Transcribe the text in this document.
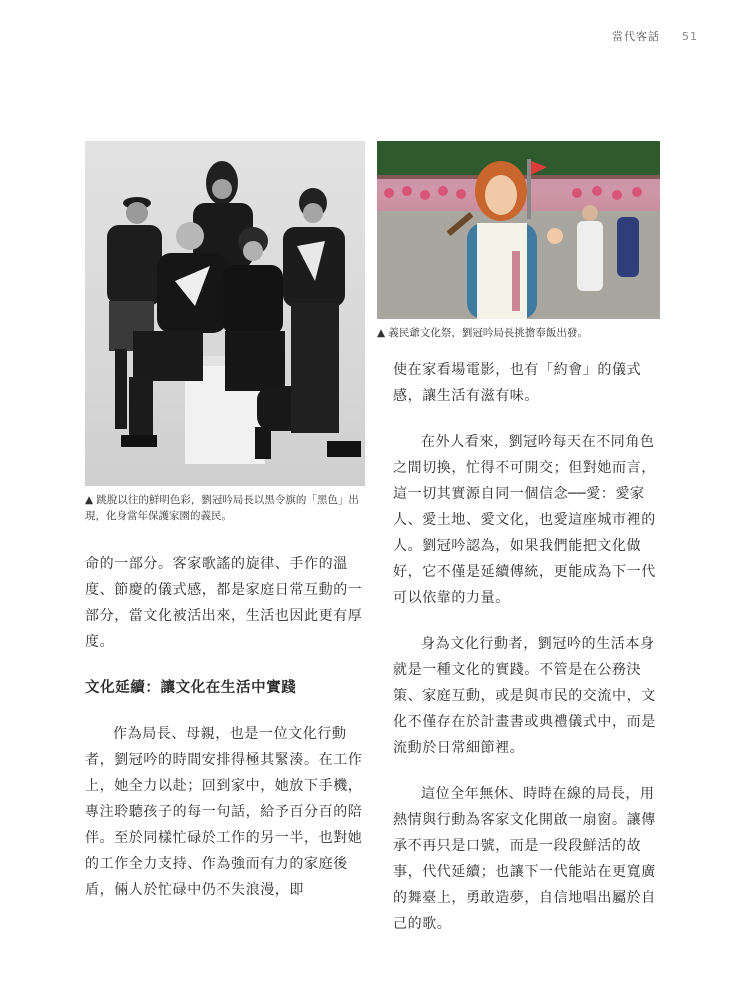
當代客話 51
▲ 義民爺文化祭，劉冠吟局長挑擔奉飯出發。
▲ 跳脫以往的鮮明色彩，劉冠吟局長以黑令旗的「黑色」出現，化身當年保護家園的義民。

命的一部分。客家歌謠的旋律、手作的溫度、節慶的儀式感，都是家庭日常互動的一部分，當文化被活出來，生活也因此更有厚度。

文化延續：讓文化在生活中實踐

作為局長、母親，也是一位文化行動者，劉冠吟的時間安排得極其緊湊。在工作上，她全力以赴；回到家中，她放下手機，專注聆聽孩子的每一句話，給予百分百的陪伴。至於同樣忙碌於工作的另一半，也對她的工作全力支持、作為強而有力的家庭後盾，倆人於忙碌中仍不失浪漫，即

使在家看場電影，也有「約會」的儀式感，讓生活有滋有味。

在外人看來，劉冠吟每天在不同角色之間切換，忙得不可開交；但對她而言，這一切其實源自同一個信念──愛：愛家人、愛土地、愛文化，也愛這座城市裡的人。劉冠吟認為，如果我們能把文化做好，它不僅是延續傳統，更能成為下一代可以依靠的力量。

身為文化行動者，劉冠吟的生活本身就是一種文化的實踐。不管是在公務決策、家庭互動，或是與市民的交流中，文化不僅存在於計畫書或典禮儀式中，而是流動於日常細節裡。

這位全年無休、時時在線的局長，用熱情與行動為客家文化開啟一扇窗。讓傳承不再只是口號，而是一段段鮮活的故事，代代延續；也讓下一代能站在更寬廣的舞臺上，勇敢造夢，自信地唱出屬於自己的歌。
